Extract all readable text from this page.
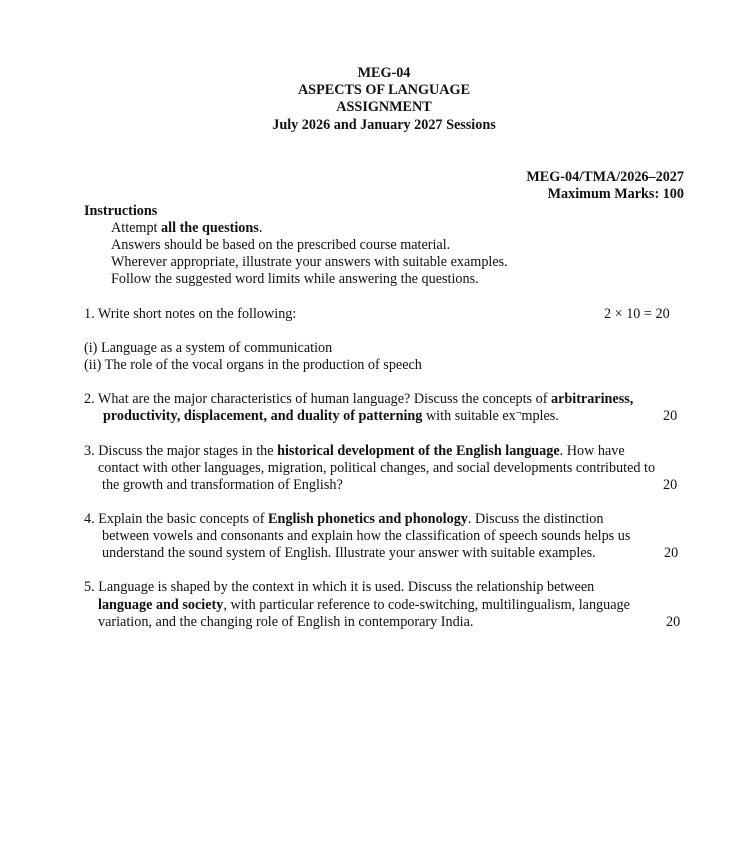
MEG-04
ASPECTS OF LANGUAGE
ASSIGNMENT
July 2026 and January 2027 Sessions
MEG-04/TMA/2026–2027
Maximum Marks: 100
Instructions
Attempt all the questions.
Answers should be based on the prescribed course material.
Wherever appropriate, illustrate your answers with suitable examples.
Follow the suggested word limits while answering the questions.
1. Write short notes on the following:	2 × 10 = 20
(i) Language as a system of communication
(ii) The role of the vocal organs in the production of speech
2. What are the major characteristics of human language? Discuss the concepts of arbitrariness,
productivity, displacement, and duality of patterning with suitable ex¬mples.	20
3. Discuss the major stages in the historical development of the English language. How have
contact with other languages, migration, political changes, and social developments contributed to
the growth and transformation of English?	20
4. Explain the basic concepts of English phonetics and phonology. Discuss the distinction
between vowels and consonants and explain how the classification of speech sounds helps us
understand the sound system of English. Illustrate your answer with suitable examples.	20
5. Language is shaped by the context in which it is used. Discuss the relationship between
language and society, with particular reference to code-switching, multilingualism, language
variation, and the changing role of English in contemporary India.	20
